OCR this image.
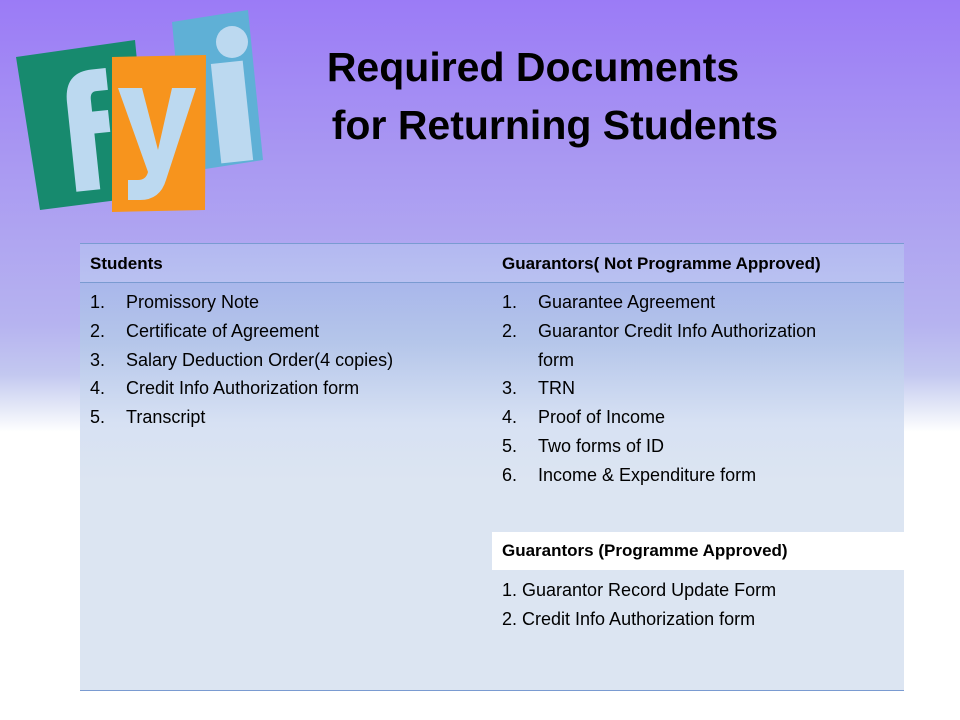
Required Documents
for Returning Students
Students	Guarantors( Not Programme Approved)
1. Promissory Note
2. Certificate of Agreement
3. Salary Deduction Order(4 copies)
4. Credit Info Authorization form
5. Transcript
1. Guarantee Agreement
2. Guarantor Credit Info Authorization
form
3. TRN
4. Proof of Income
5. Two forms of ID
6. Income & Expenditure form
Guarantors (Programme Approved)
1. Guarantor Record Update Form
2. Credit Info Authorization form
